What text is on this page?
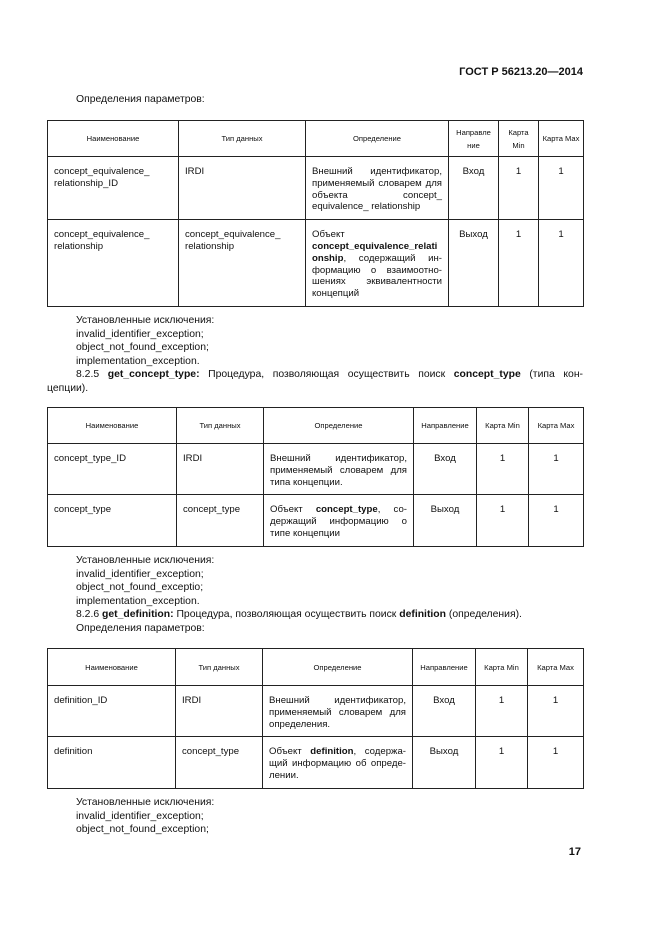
ГОСТ Р 56213.20—2014
Определения параметров:
Наименование	Тип данных	Определение	Направле ние	Карта Min	Карта Max
concept_equivalence_ relationship_ID	IRDI	Внешний идентификатор, применяемый словарем для объекта concept_ equivalence_ relationship	Вход	1	1
concept_equivalence_ relationship	concept_equivalence_ relationship	Объект concept_equivalence_relati onship, содержащий ин- формацию о взаимоотно- шениях эквивалентности концепций	Выход	1	1
Установленные исключения:
invalid_identifier_exception;
object_not_found_exception;
implementation_exception.
8.2.5 get_concept_type: Процедура, позволяющая осуществить поиск concept_type (типа кон-
цепции).
Наименование	Тип данных	Определение	Направление	Карта Min	Карта Max
concept_type_ID	IRDI	Внешний идентификатор, применяемый словарем для типа концепции.	Вход	1	1
concept_type	concept_type	Объект concept_type, со- держащий информацию о типе концепции	Выход	1	1
Установленные исключения:
invalid_identifier_exception;
object_not_found_exceptio;
implementation_exception.
8.2.6 get_definition: Процедура, позволяющая осуществить поиск definition (определения).
Определения параметров:
Наименование	Тип данных	Определение	Направление	Карта Min	Карта Max
definition_ID	IRDI	Внешний идентификатор, применяемый словарем для определения.	Вход	1	1
definition	concept_type	Объект definition, содержа- щий информацию об опреде- лении.	Выход	1	1
Установленные исключения:
invalid_identifier_exception;
object_not_found_exception;
17
